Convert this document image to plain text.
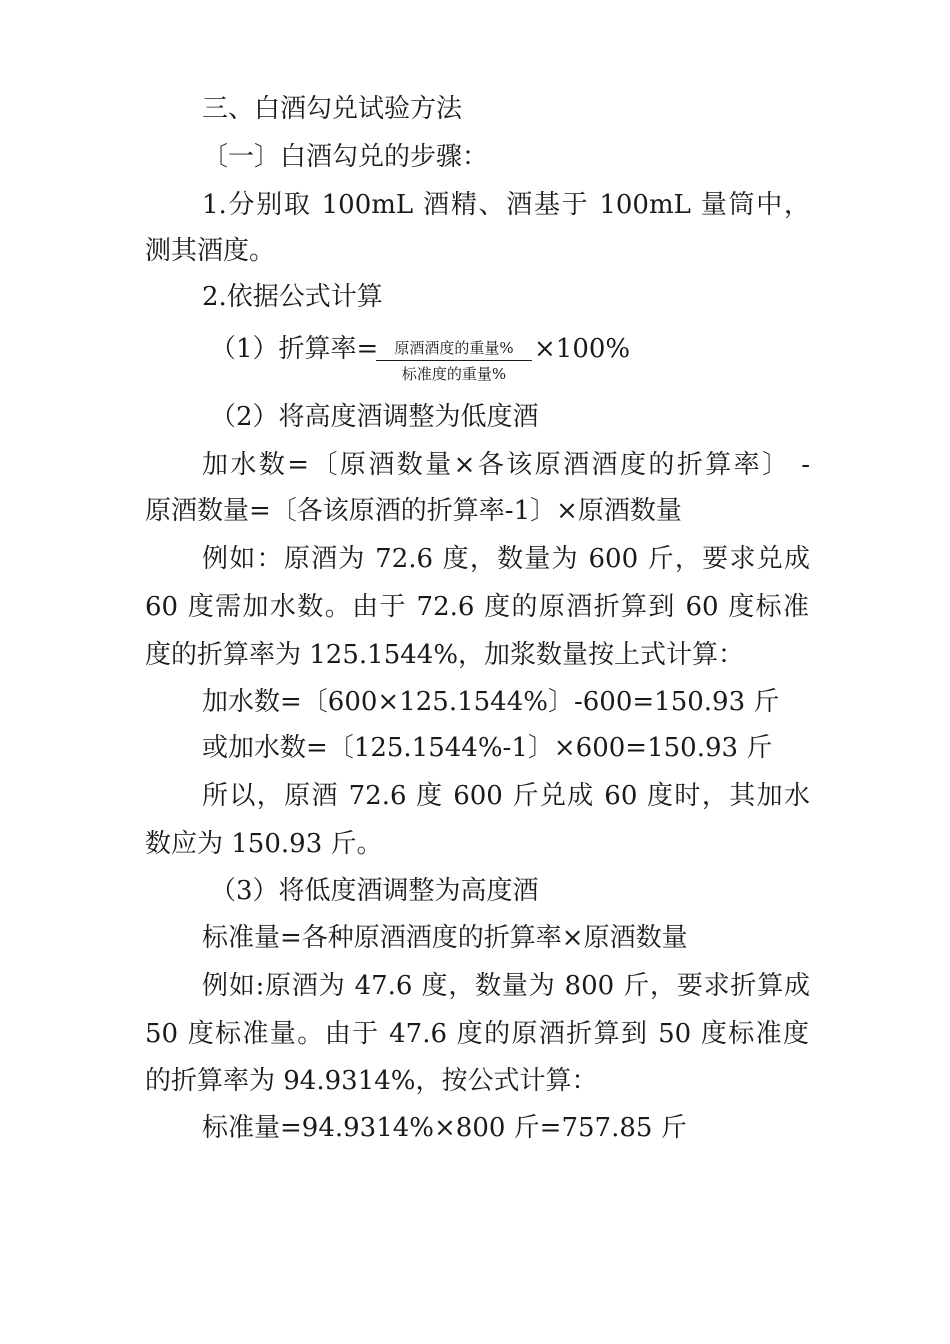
三、白酒勾兑试验方法
〔一〕白酒勾兑的步骤：
1.分别取 100mL 酒精、酒基于 100mL 量筒中，
测其酒度。
2.依据公式计算
（1）折算率=	原酒酒度的重量%
标准度的重量%
×100%
（2）将高度酒调整为低度酒
加水数=〔原酒数量×各该原酒酒度的折算率〕 -
原酒数量=〔各该原酒的折算率-1〕×原酒数量
例如：原酒为 72.6 度，数量为 600 斤，要求兑成
60 度需加水数。由于 72.6 度的原酒折算到 60 度标准
度的折算率为 125.1544%，加浆数量按上式计算：
加水数=〔600×125.1544%〕-600=150.93 斤
或加水数=〔125.1544%-1〕×600=150.93 斤
所以，原酒 72.6 度 600 斤兑成 60 度时，其加水
数应为 150.93 斤。
（3）将低度酒调整为高度酒
标准量=各种原酒酒度的折算率×原酒数量
例如:原酒为 47.6 度，数量为 800 斤，要求折算成
50 度标准量。由于 47.6 度的原酒折算到 50 度标准度
的折算率为 94.9314%，按公式计算：
标准量=94.9314%×800 斤=757.85 斤
